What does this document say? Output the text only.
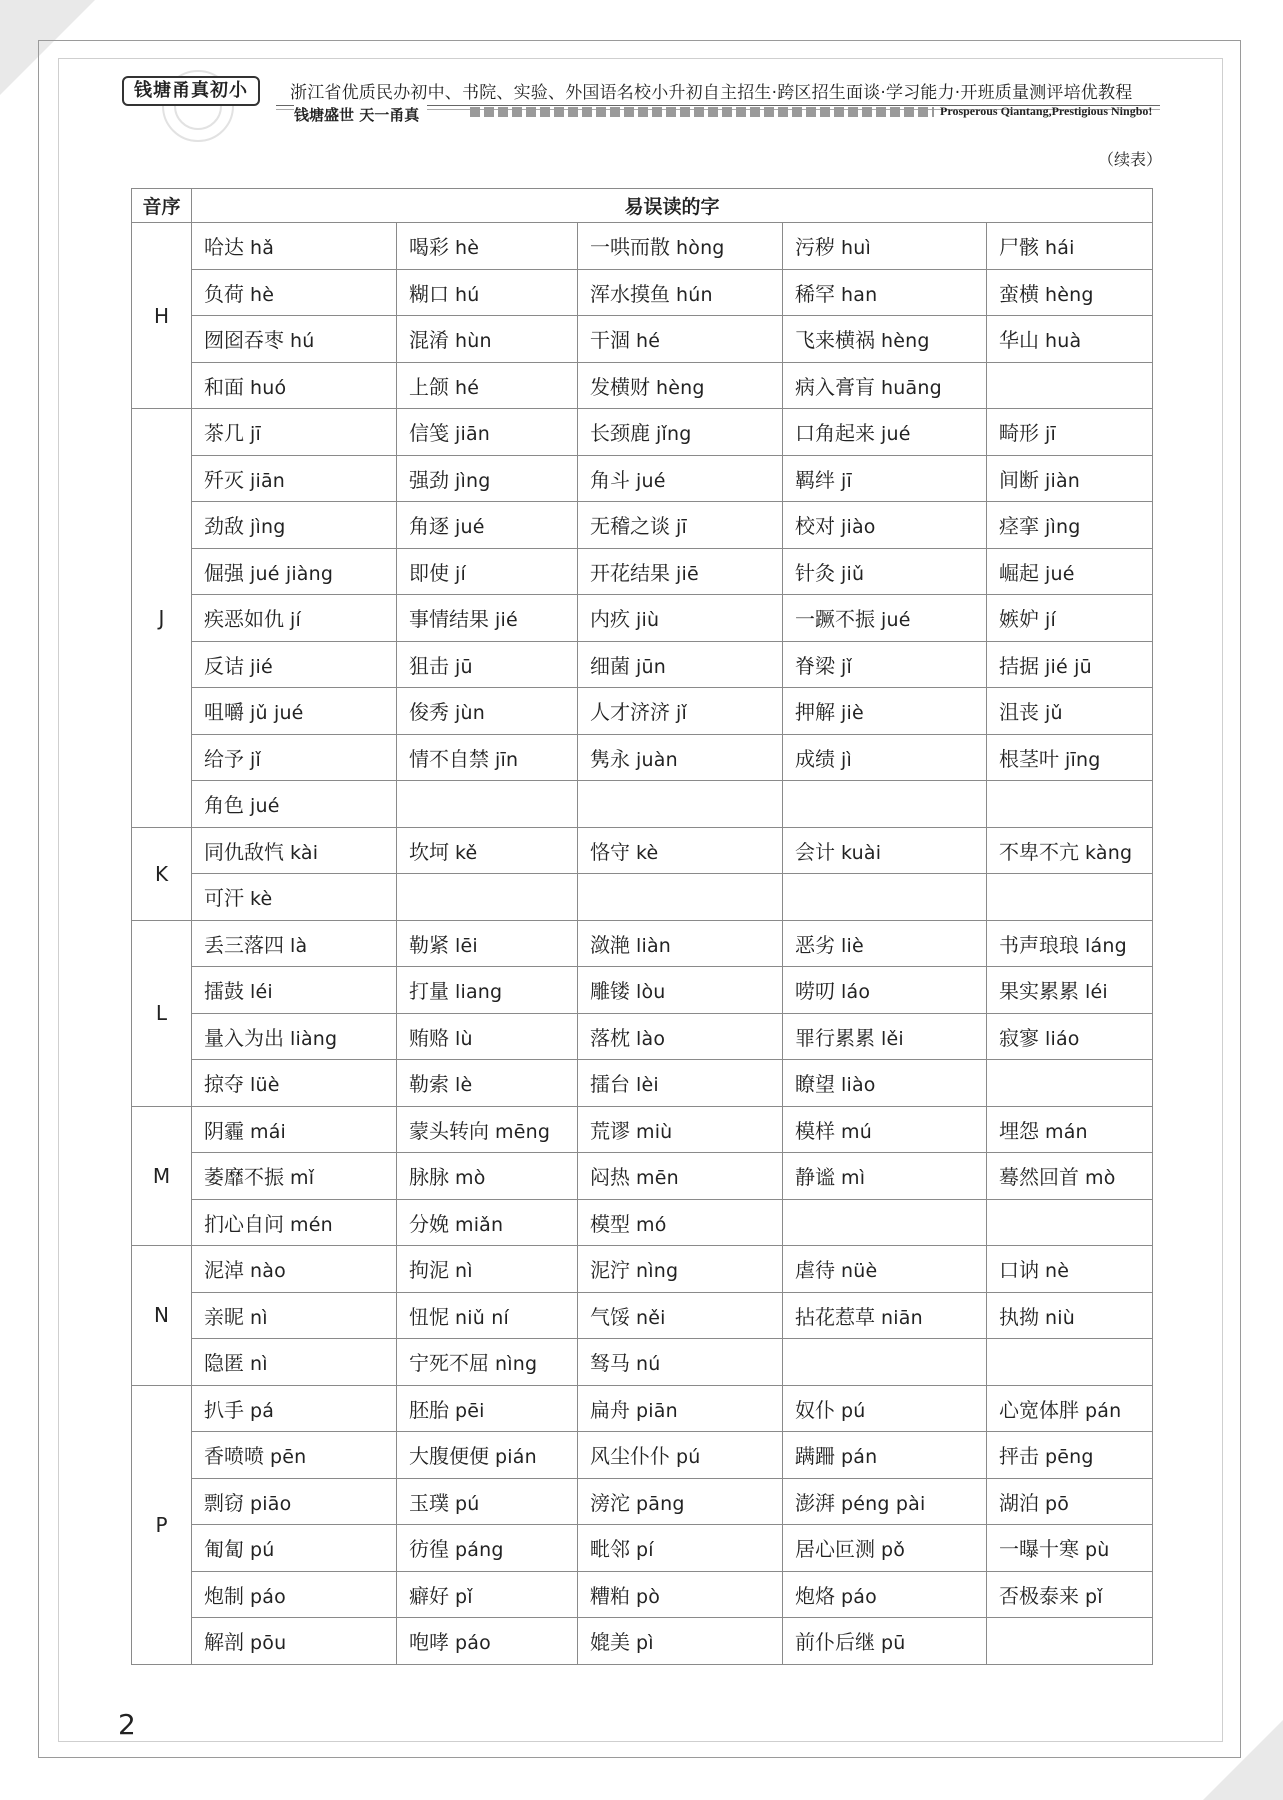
钱塘甬真初小	浙江省优质民办初中、书院、实验、外国语名校小升初自主招生·跨区招生面谈·学习能力·开班质量测评培优教程
钱塘盛世 天一甬真	Prosperous Qiantang,Prestigious Ningbo!
（续表）
音序	易误读的字				
H	哈达 hǎ	喝彩 hè	一哄而散 hòng	污秽 huì	尸骸 hái
	负荷 hè	糊口 hú	浑水摸鱼 hún	稀罕 han	蛮横 hèng
	囫囵吞枣 hú	混淆 hùn	干涸 hé	飞来横祸 hèng	华山 huà
	和面 huó	上颌 hé	发横财 hèng	病入膏肓 huāng	
J	茶几 jī	信笺 jiān	长颈鹿 jǐng	口角起来 jué	畸形 jī
	歼灭 jiān	强劲 jìng	角斗 jué	羁绊 jī	间断 jiàn
	劲敌 jìng	角逐 jué	无稽之谈 jī	校对 jiào	痉挛 jìng
	倔强 jué jiàng	即使 jí	开花结果 jiē	针灸 jiǔ	崛起 jué
	疾恶如仇 jí	事情结果 jié	内疚 jiù	一蹶不振 jué	嫉妒 jí
	反诘 jié	狙击 jū	细菌 jūn	脊梁 jǐ	拮据 jié jū
	咀嚼 jǔ jué	俊秀 jùn	人才济济 jǐ	押解 jiè	沮丧 jǔ
	给予 jǐ	情不自禁 jīn	隽永 juàn	成绩 jì	根茎叶 jīng
	角色 jué				
K	同仇敌忾 kài	坎坷 kě	恪守 kè	会计 kuài	不卑不亢 kàng
	可汗 kè				
L	丢三落四 là	勒紧 lēi	潋滟 liàn	恶劣 liè	书声琅琅 láng
	擂鼓 léi	打量 liang	雕镂 lòu	唠叨 láo	果实累累 léi
	量入为出 liàng	贿赂 lù	落枕 lào	罪行累累 lěi	寂寥 liáo
	掠夺 lüè	勒索 lè	擂台 lèi	瞭望 liào	
M	阴霾 mái	蒙头转向 mēng	荒谬 miù	模样 mú	埋怨 mán
	萎靡不振 mǐ	脉脉 mò	闷热 mēn	静谧 mì	蓦然回首 mò
	扪心自问 mén	分娩 miǎn	模型 mó		
N	泥淖 nào	拘泥 nì	泥泞 nìng	虐待 nüè	口讷 nè
	亲昵 nì	忸怩 niǔ ní	气馁 něi	拈花惹草 niān	执拗 niù
	隐匿 nì	宁死不屈 nìng	驽马 nú		
P	扒手 pá	胚胎 pēi	扁舟 piān	奴仆 pú	心宽体胖 pán
	香喷喷 pēn	大腹便便 pián	风尘仆仆 pú	蹒跚 pán	抨击 pēng
	剽窃 piāo	玉璞 pú	滂沱 pāng	澎湃 péng pài	湖泊 pō
	匍匐 pú	彷徨 páng	毗邻 pí	居心叵测 pǒ	一曝十寒 pù
	炮制 páo	癖好 pǐ	糟粕 pò	炮烙 páo	否极泰来 pǐ
	解剖 pōu	咆哮 páo	媲美 pì	前仆后继 pū	
2
